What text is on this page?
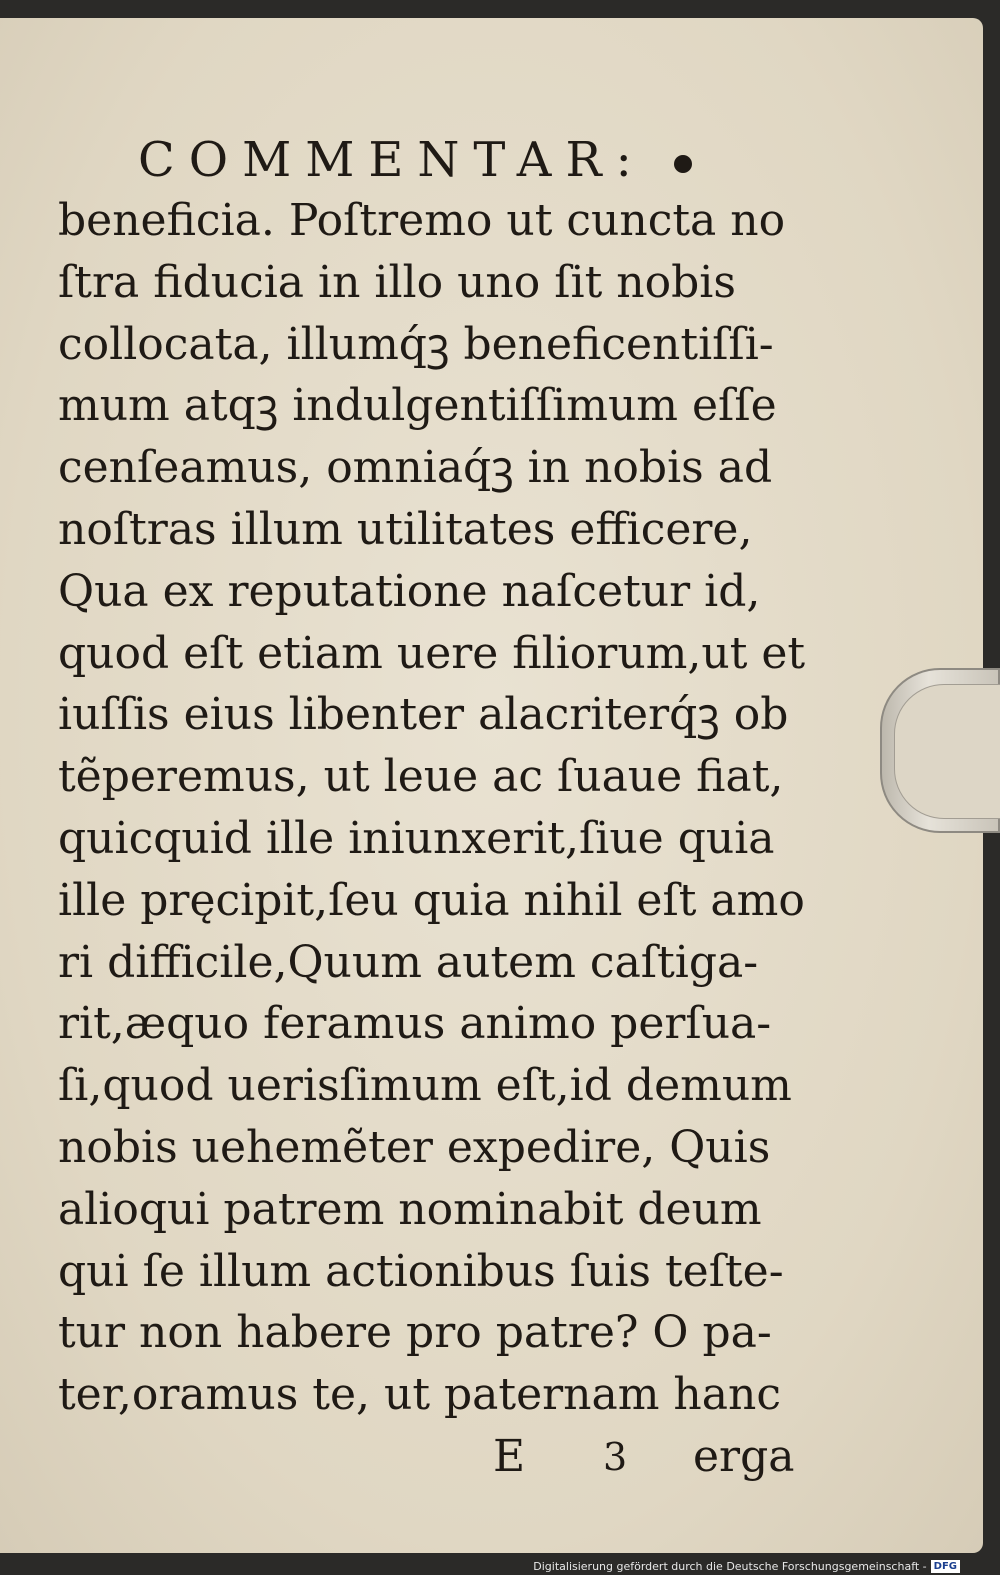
COMMENTAR:
beneficia. Poſtremo ut cuncta no
ſtra fiducia in illo uno ſit nobis
collocata, illumq́ꝫ beneficentiſſi-
mum atqꝫ indulgentiſſimum eſſe
cenſeamus, omniaq́ꝫ in nobis ad
noſtras illum utilitates efficere,
Qua ex reputatione naſcetur id,
quod eſt etiam uere filiorum,ut et
iuſſis eius libenter alacriterq́ꝫ ob
tẽperemus, ut leue ac ſuaue fiat,
quicquid ille iniunxerit,ſiue quia
ille pręcipit,ſeu quia nihil eſt amo
ri difficile,Quum autem caſtiga-
rit,æquo feramus animo perſua-
ſi,quod uerisſimum eſt,id demum
nobis uehemẽter expedire, Quis
alioqui patrem nominabit deum
qui ſe illum actionibus ſuis teſte-
tur non habere pro patre? O pa-
ter,oramus te, ut paternam hanc
E 3 erga
Digitalisierung gefördert durch die Deutsche Forschungsgemeinschaft - DFG
